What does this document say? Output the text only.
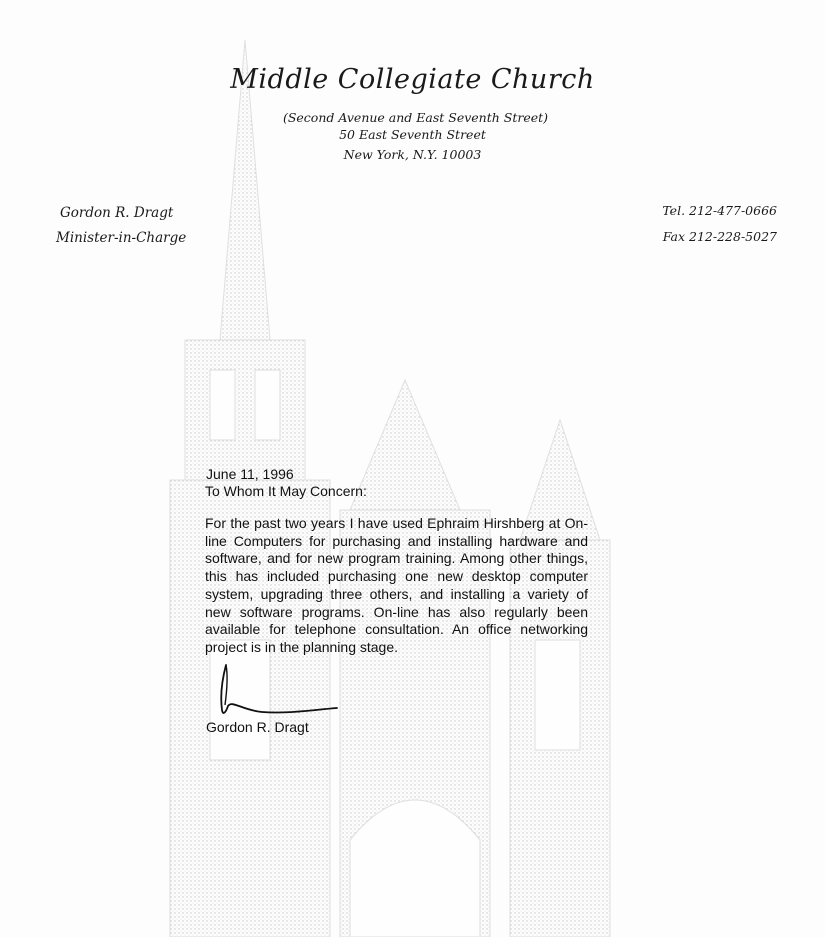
Middle Collegiate Church
(Second Avenue and East Seventh Street)
50 East Seventh Street
New York, N.Y. 10003
Gordon R. Dragt
Minister-in-Charge
Tel. 212-477-0666
Fax 212-228-5027
June 11, 1996
To Whom It May Concern:
For the past two years I have used Ephraim Hirshberg at On-line Computers for purchasing and installing hardware and software, and for new program training. Among other things, this has included purchasing one new desktop computer system, upgrading three others, and installing a variety of new software programs. On-line has also regularly been available for telephone consultation. An office networking project is in the planning stage.
Gordon R. Dragt
